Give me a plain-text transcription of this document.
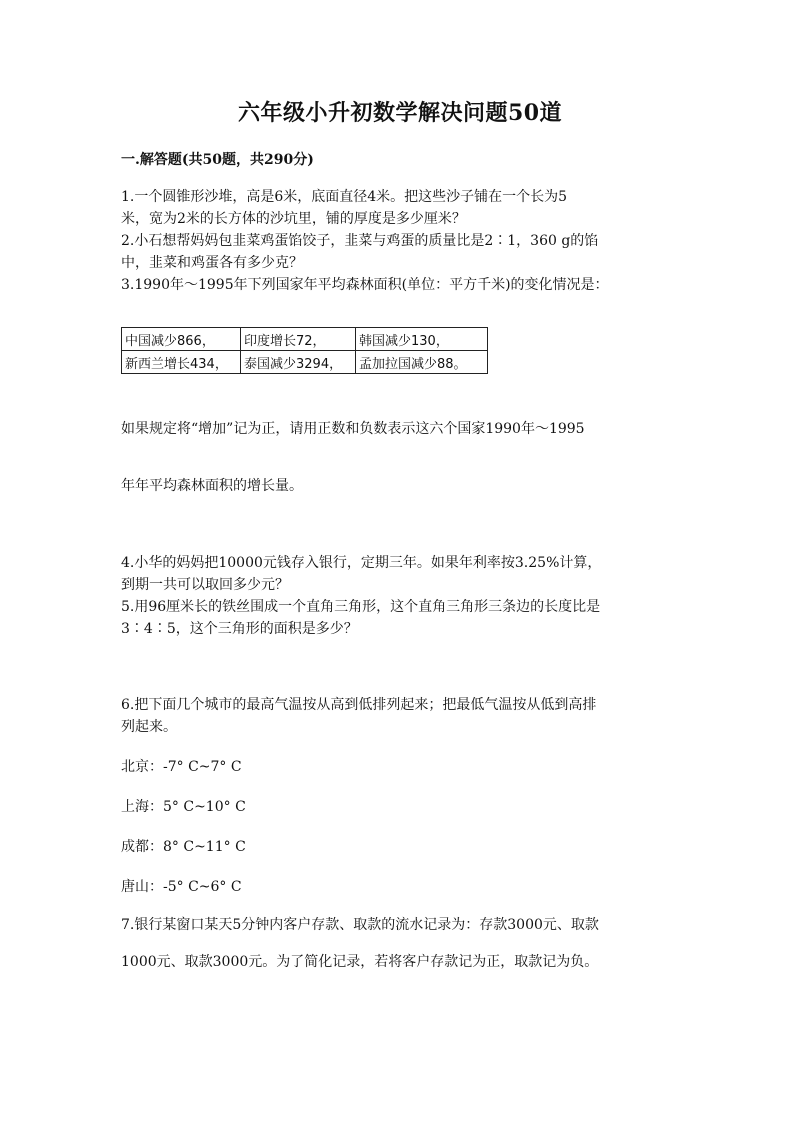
六年级小升初数学解决问题50道
一.解答题(共50题，共290分)
1.一个圆锥形沙堆，高是6米，底面直径4米。把这些沙子铺在一个长为5
米，宽为2米的长方体的沙坑里，铺的厚度是多少厘米？
2.小石想帮妈妈包韭菜鸡蛋馅饺子，韭菜与鸡蛋的质量比是2∶1，360 g的馅
中，韭菜和鸡蛋各有多少克？
3.1990年～1995年下列国家年平均森林面积(单位：平方千米)的变化情况是：
中国减少866，	印度增长72，	韩国减少130，
新西兰增长434，	泰国减少3294，	孟加拉国减少88。
如果规定将“增加”记为正，请用正数和负数表示这六个国家1990年～1995
年年平均森林面积的增长量。
4.小华的妈妈把10000元钱存入银行，定期三年。如果年利率按3.25%计算，
到期一共可以取回多少元？
5.用96厘米长的铁丝围成一个直角三角形，这个直角三角形三条边的长度比是
3∶4∶5，这个三角形的面积是多少？
6.把下面几个城市的最高气温按从高到低排列起来；把最低气温按从低到高排
列起来。
北京：-7° C~7° C
上海：5° C~10° C
成都：8° C~11° C
唐山：-5° C~6° C
7.银行某窗口某天5分钟内客户存款、取款的流水记录为：存款3000元、取款
1000元、取款3000元。为了简化记录，若将客户存款记为正，取款记为负。
